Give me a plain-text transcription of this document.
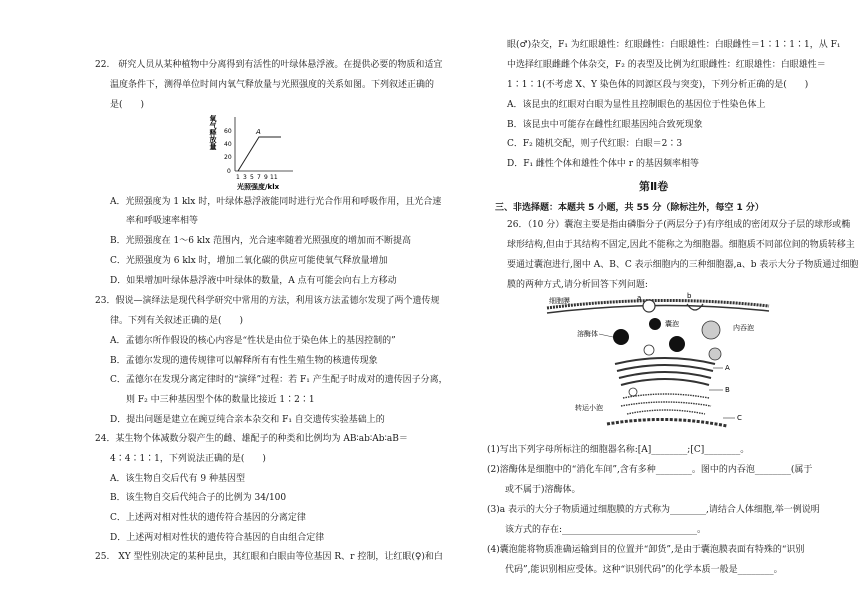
22.　研究人员从某种植物中分离得到有活性的叶绿体悬浮液。在提供必要的物质和适宜
温度条件下，测得单位时间内氧气释放量与光照强度的关系如图。下列叙述正确的
是(　　)
氧气释放量 60
40
20
0
A
1 3 5 7 9 11
光照强度/klx
A．光照强度为 1 klx 时，叶绿体悬浮液能同时进行光合作用和呼吸作用，且光合速
率和呼吸速率相等
B．光照强度在 1～6 klx 范围内，光合速率随着光照强度的增加而不断提高
C．光照强度为 6 klx 时，增加二氧化碳的供应可能使氧气释放量增加
D．如果增加叶绿体悬浮液中叶绿体的数量，A 点有可能会向右上方移动
23．假说—演绎法是现代科学研究中常用的方法，利用该方法孟德尔发现了两个遗传规
律。下列有关叙述正确的是(　　)
A．孟德尔所作假设的核心内容是“性状是由位于染色体上的基因控制的”
B．孟德尔发现的遗传规律可以解释所有有性生殖生物的核遗传现象
C．孟德尔在发现分离定律时的“演绎”过程：若 F₁ 产生配子时成对的遗传因子分离，
则 F₂ 中三种基因型个体的数量比接近 1∶2∶1
D．提出问题是建立在豌豆纯合亲本杂交和 F₁ 自交遗传实验基础上的
24．某生物个体减数分裂产生的雌、雄配子的种类和比例均为 AB∶ab∶Ab∶aB＝
4∶4∶1∶1，下列说法正确的是(　　)
A．该生物自交后代有 9 种基因型
B．该生物自交后代纯合子的比例为 34/100
C．上述两对相对性状的遗传符合基因的分离定律
D．上述两对相对性状的遗传符合基因的自由组合定律
25.　XY 型性别决定的某种昆虫，其红眼和白眼由等位基因 R、r 控制，让红眼(♀)和白
眼(♂)杂交，F₁ 为红眼雄性：红眼雌性：白眼雄性：白眼雌性＝1∶1∶1∶1，从 F₁
中选择红眼雌雌个体杂交，F₂ 的表型及比例为红眼雌性：红眼雄性：白眼雄性＝
1∶1∶1(不考虑 X、Y 染色体的同源区段与突变)，下列分析正确的是(　　)
A．该昆虫的红眼对白眼为显性且控制眼色的基因位于性染色体上
B．该昆虫中可能存在雌性红眼基因纯合致死现象
C．F₂ 随机交配，则子代红眼：白眼＝2∶3
D．F₁ 雌性个体和雄性个体中 r 的基因频率相等
第Ⅱ卷
三、非选择题：本题共 5 小题，共 55 分（除标注外，每空 1 分）
26．（10 分）囊泡主要是指由磷脂分子(两层分子)有序组成的密闭双分子层的球形或椭
球形结构,但由于其结构不固定,因此不能称之为细胞器。细胞质不同部位间的物质转移主
要通过囊泡进行,图中 A、B、C 表示细胞内的三种细胞器,a、b 表示大分子物质通过细胞
膜的两种方式,请分析回答下列问题:
细胞膜	a	b
囊泡
溶酶体
内吞泡
A
转运小泡
B
C
(1)写出下列字母所标注的细胞器名称:[A]________;[C]________。
(2)溶酶体是细胞中的“消化车间”,含有多种________。图中的内吞泡________(属于
或不属于)溶酶体。
(3)a 表示的大分子物质通过细胞膜的方式称为________,请结合人体细胞,举一例说明
该方式的存在:______________________________。
(4)囊泡能将物质准确运输到目的位置并“卸货”,是由于囊泡膜表面有特殊的“识别
代码”,能识别相应受体。这种“识别代码”的化学本质一般是________。
